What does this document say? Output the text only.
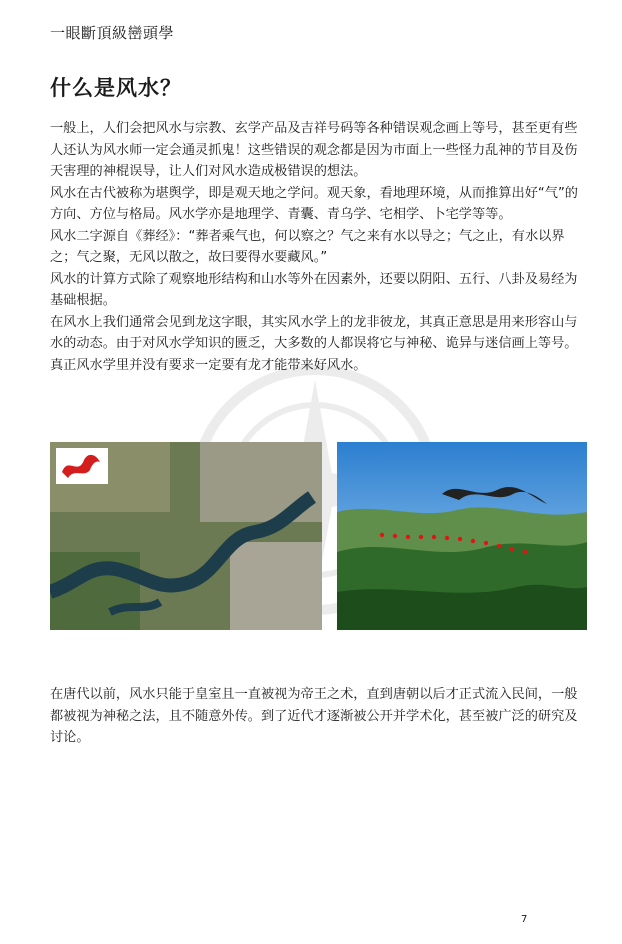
一眼斷頂級巒頭學
什么是风水？

一般上，人们会把风水与宗教、玄学产品及吉祥号码等各种错误观念画上等号，甚至更有些人还认为风水师一定会通灵抓鬼！这些错误的观念都是因为市面上一些怪力乱神的节目及伤天害理的神棍误导，让人们对风水造成极错误的想法。

风水在古代被称为堪舆学，即是观天地之学问。观天象，看地理环境，从而推算出好“气”的方向、方位与格局。风水学亦是地理学、青囊、青乌学、宅相学、卜宅学等等。

风水二字源自《葬经》：“葬者乘气也，何以察之？气之来有水以导之；气之止，有水以界之；气之聚，无风以散之，故曰要得水要藏风。”

风水的计算方式除了观察地形结构和山水等外在因素外，还要以阴阳、五行、八卦及易经为基础根据。

在风水上我们通常会见到龙这字眼，其实风水学上的龙非彼龙，其真正意思是用来形容山与水的动态。由于对风水学知识的匮乏，大多数的人都误将它与神秘、诡异与迷信画上等号。真正风水学里并没有要求一定要有龙才能带来好风水。

在唐代以前，风水只能于皇室且一直被视为帝王之术，直到唐朝以后才正式流入民间，一般都被视为神秘之法，且不随意外传。到了近代才逐渐被公开并学术化，甚至被广泛的研究及讨论。
7
